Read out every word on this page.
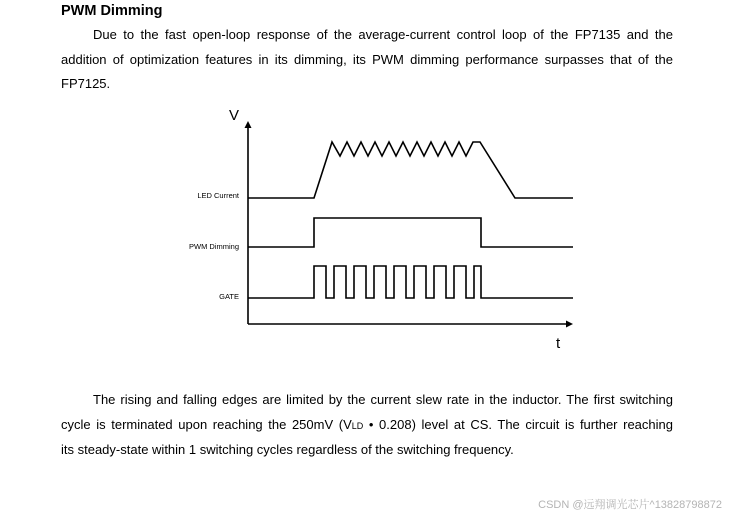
PWM Dimming

Due to the fast open-loop response of the average-current control loop of the FP7135 and the
addition of optimization features in its dimming, its PWM dimming performance surpasses that of the
FP7125.

V
t
LED Current
PWM Dimming
GATE

The rising and falling edges are limited by the current slew rate in the inductor. The first switching
cycle is terminated upon reaching the 250mV (VLD • 0.208) level at CS. The circuit is further reaching
its steady-state within 1 switching cycles regardless of the switching frequency.

CSDN @远翔调光芯片^13828798872
